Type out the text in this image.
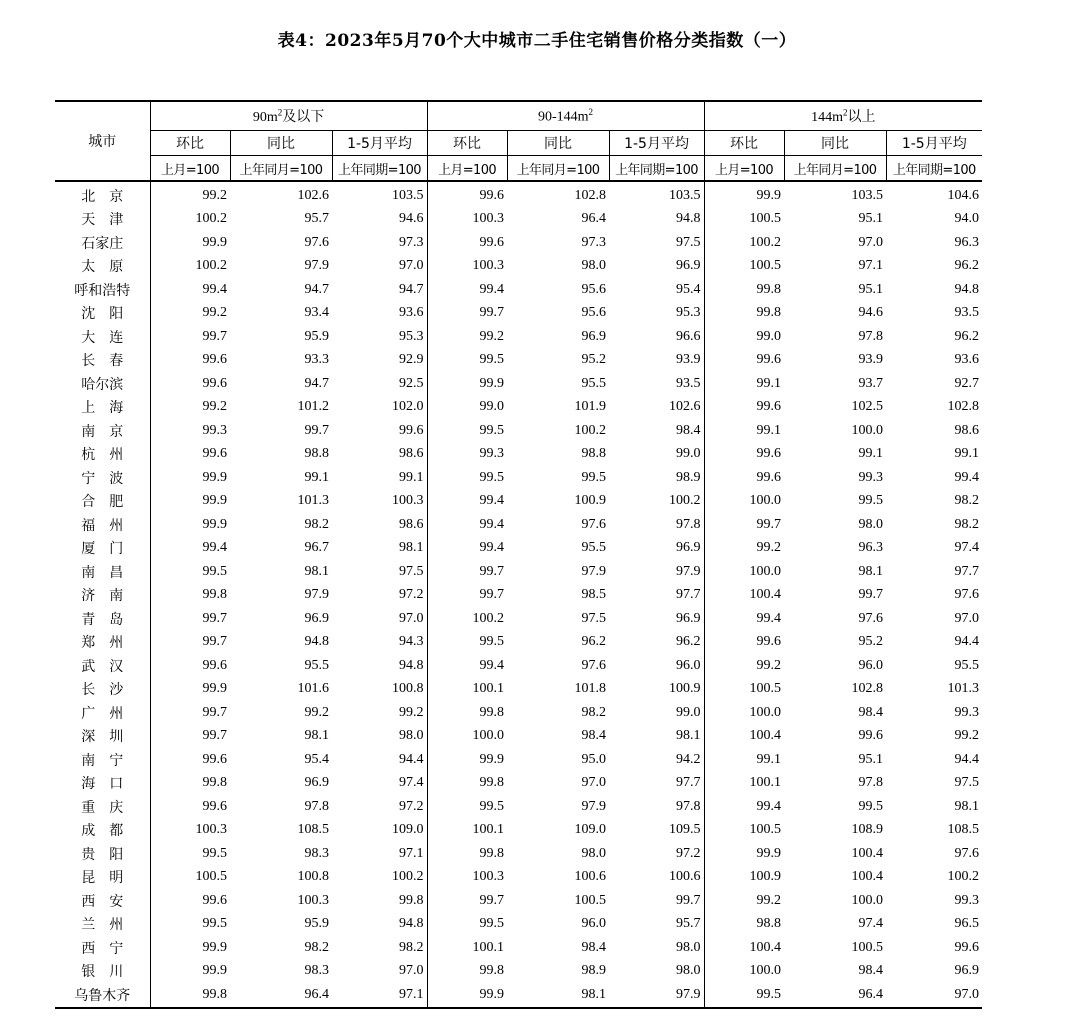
表4：2023年5月70个大中城市二手住宅销售价格分类指数（一）
城市	$90m^2$及以下			$90-144m^2$			$144m^2$以上		
	环比	同比	1-5月平均	环比	同比	1-5月平均	环比	同比	1-5月平均
	上月=100	上年同月=100	上年同期=100	上月=100	上年同月=100	上年同期=100	上月=100	上年同月=100	上年同期=100
北　京	99.2	102.6	103.5	99.6	102.8	103.5	99.9	103.5	104.6
天　津	100.2	95.7	94.6	100.3	96.4	94.8	100.5	95.1	94.0
石家庄	99.9	97.6	97.3	99.6	97.3	97.5	100.2	97.0	96.3
太　原	100.2	97.9	97.0	100.3	98.0	96.9	100.5	97.1	96.2
呼和浩特	99.4	94.7	94.7	99.4	95.6	95.4	99.8	95.1	94.8
沈　阳	99.2	93.4	93.6	99.7	95.6	95.3	99.8	94.6	93.5
大　连	99.7	95.9	95.3	99.2	96.9	96.6	99.0	97.8	96.2
长　春	99.6	93.3	92.9	99.5	95.2	93.9	99.6	93.9	93.6
哈尔滨	99.6	94.7	92.5	99.9	95.5	93.5	99.1	93.7	92.7
上　海	99.2	101.2	102.0	99.0	101.9	102.6	99.6	102.5	102.8
南　京	99.3	99.7	99.6	99.5	100.2	98.4	99.1	100.0	98.6
杭　州	99.6	98.8	98.6	99.3	98.8	99.0	99.6	99.1	99.1
宁　波	99.9	99.1	99.1	99.5	99.5	98.9	99.6	99.3	99.4
合　肥	99.9	101.3	100.3	99.4	100.9	100.2	100.0	99.5	98.2
福　州	99.9	98.2	98.6	99.4	97.6	97.8	99.7	98.0	98.2
厦　门	99.4	96.7	98.1	99.4	95.5	96.9	99.2	96.3	97.4
南　昌	99.5	98.1	97.5	99.7	97.9	97.9	100.0	98.1	97.7
济　南	99.8	97.9	97.2	99.7	98.5	97.7	100.4	99.7	97.6
青　岛	99.7	96.9	97.0	100.2	97.5	96.9	99.4	97.6	97.0
郑　州	99.7	94.8	94.3	99.5	96.2	96.2	99.6	95.2	94.4
武　汉	99.6	95.5	94.8	99.4	97.6	96.0	99.2	96.0	95.5
长　沙	99.9	101.6	100.8	100.1	101.8	100.9	100.5	102.8	101.3
广　州	99.7	99.2	99.2	99.8	98.2	99.0	100.0	98.4	99.3
深　圳	99.7	98.1	98.0	100.0	98.4	98.1	100.4	99.6	99.2
南　宁	99.6	95.4	94.4	99.9	95.0	94.2	99.1	95.1	94.4
海　口	99.8	96.9	97.4	99.8	97.0	97.7	100.1	97.8	97.5
重　庆	99.6	97.8	97.2	99.5	97.9	97.8	99.4	99.5	98.1
成　都	100.3	108.5	109.0	100.1	109.0	109.5	100.5	108.9	108.5
贵　阳	99.5	98.3	97.1	99.8	98.0	97.2	99.9	100.4	97.6
昆　明	100.5	100.8	100.2	100.3	100.6	100.6	100.9	100.4	100.2
西　安	99.6	100.3	99.8	99.7	100.5	99.7	99.2	100.0	99.3
兰　州	99.5	95.9	94.8	99.5	96.0	95.7	98.8	97.4	96.5
西　宁	99.9	98.2	98.2	100.1	98.4	98.0	100.4	100.5	99.6
银　川	99.9	98.3	97.0	99.8	98.9	98.0	100.0	98.4	96.9
乌鲁木齐	99.8	96.4	97.1	99.9	98.1	97.9	99.5	96.4	97.0
